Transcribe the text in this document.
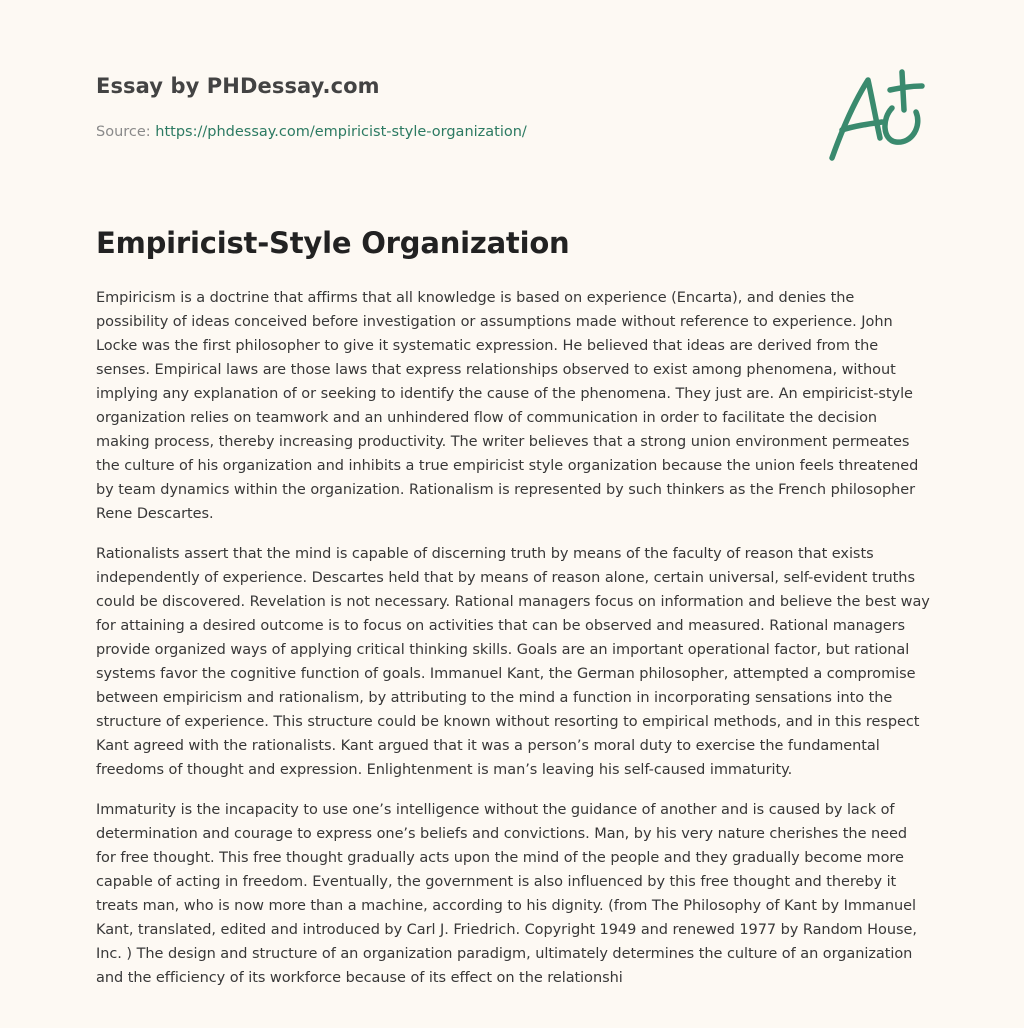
Essay by PHDessay.com

Source: https://phdessay.com/empiricist-style-organization/

Empiricist-Style Organization

Empiricism is a doctrine that affirms that all knowledge is based on experience (Encarta), and denies the possibility of ideas conceived before investigation or assumptions made without reference to experience. John Locke was the first philosopher to give it systematic expression. He believed that ideas are derived from the senses. Empirical laws are those laws that express relationships observed to exist among phenomena, without implying any explanation of or seeking to identify the cause of the phenomena. They just are. An empiricist-style organization relies on teamwork and an unhindered flow of communication in order to facilitate the decision making process, thereby increasing productivity. The writer believes that a strong union environment permeates the culture of his organization and inhibits a true empiricist style organization because the union feels threatened by team dynamics within the organization. Rationalism is represented by such thinkers as the French philosopher Rene Descartes.

Rationalists assert that the mind is capable of discerning truth by means of the faculty of reason that exists independently of experience. Descartes held that by means of reason alone, certain universal, self-evident truths could be discovered. Revelation is not necessary. Rational managers focus on information and believe the best way for attaining a desired outcome is to focus on activities that can be observed and measured. Rational managers provide organized ways of applying critical thinking skills. Goals are an important operational factor, but rational systems favor the cognitive function of goals. Immanuel Kant, the German philosopher, attempted a compromise between empiricism and rationalism, by attributing to the mind a function in incorporating sensations into the structure of experience. This structure could be known without resorting to empirical methods, and in this respect Kant agreed with the rationalists. Kant argued that it was a person’s moral duty to exercise the fundamental freedoms of thought and expression. Enlightenment is man’s leaving his self-caused immaturity.

Immaturity is the incapacity to use one’s intelligence without the guidance of another and is caused by lack of determination and courage to express one’s beliefs and convictions. Man, by his very nature cherishes the need for free thought. This free thought gradually acts upon the mind of the people and they gradually become more capable of acting in freedom. Eventually, the government is also influenced by this free thought and thereby it treats man, who is now more than a machine, according to his dignity. (from The Philosophy of Kant by Immanuel Kant, translated, edited and introduced by Carl J. Friedrich. Copyright 1949 and renewed 1977 by Random House, Inc. ) The design and structure of an organization paradigm, ultimately determines the culture of an organization and the efficiency of its workforce because of its effect on the relationshi
